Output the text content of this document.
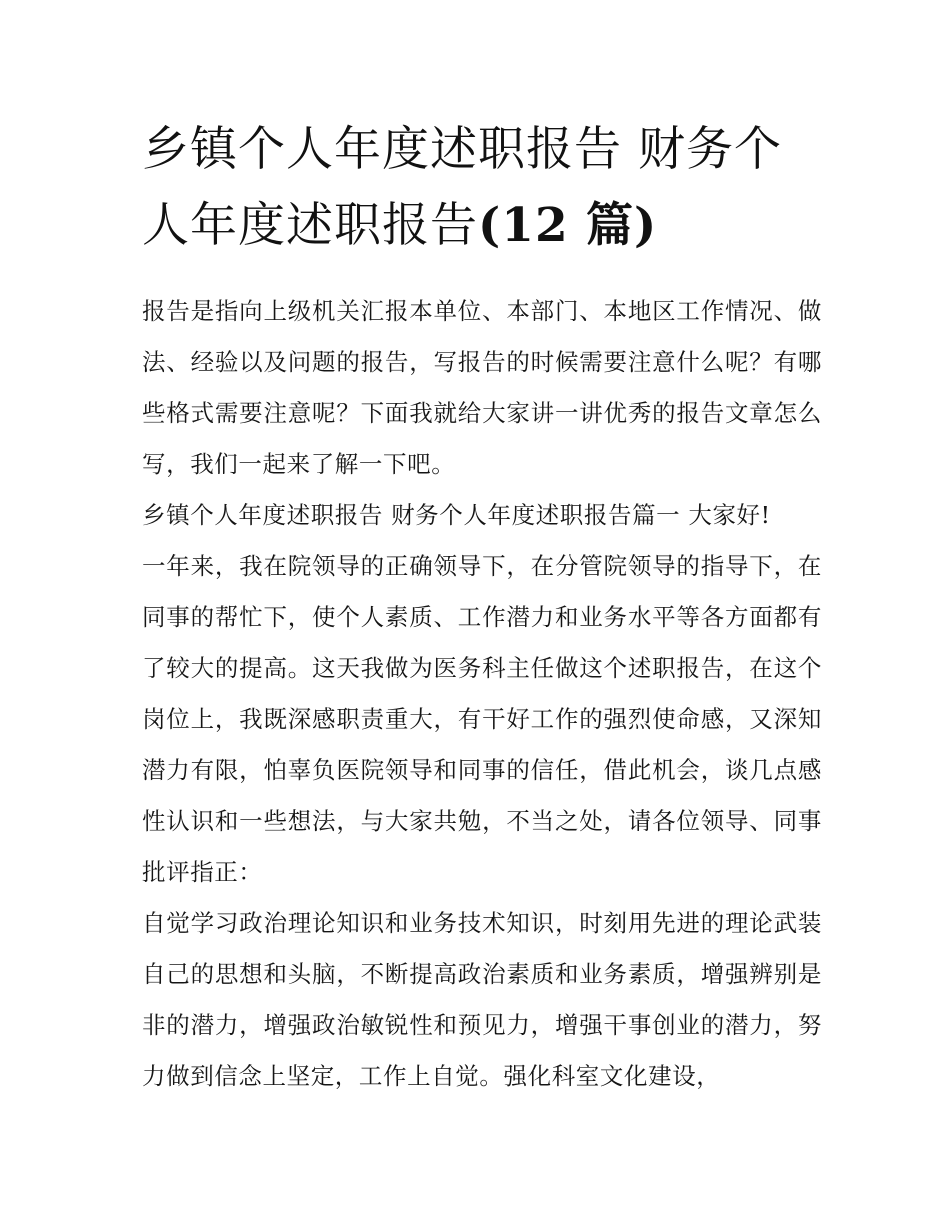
乡镇个人年度述职报告 财务个人年度述职报告(12 篇)

报告是指向上级机关汇报本单位、本部门、本地区工作情况、做法、经验以及问题的报告，写报告的时候需要注意什么呢？有哪些格式需要注意呢？下面我就给大家讲一讲优秀的报告文章怎么写，我们一起来了解一下吧。

乡镇个人年度述职报告 财务个人年度述职报告篇一 大家好!

一年来，我在院领导的正确领导下，在分管院领导的指导下，在同事的帮忙下，使个人素质、工作潜力和业务水平等各方面都有了较大的提高。这天我做为医务科主任做这个述职报告，在这个岗位上，我既深感职责重大，有干好工作的强烈使命感，又深知潜力有限，怕辜负医院领导和同事的信任，借此机会，谈几点感性认识和一些想法，与大家共勉，不当之处，请各位领导、同事批评指正：

自觉学习政治理论知识和业务技术知识，时刻用先进的理论武装自己的思想和头脑，不断提高政治素质和业务素质，增强辨别是非的潜力，增强政治敏锐性和预见力，增强干事创业的潜力，努力做到信念上坚定，工作上自觉。强化科室文化建设，
